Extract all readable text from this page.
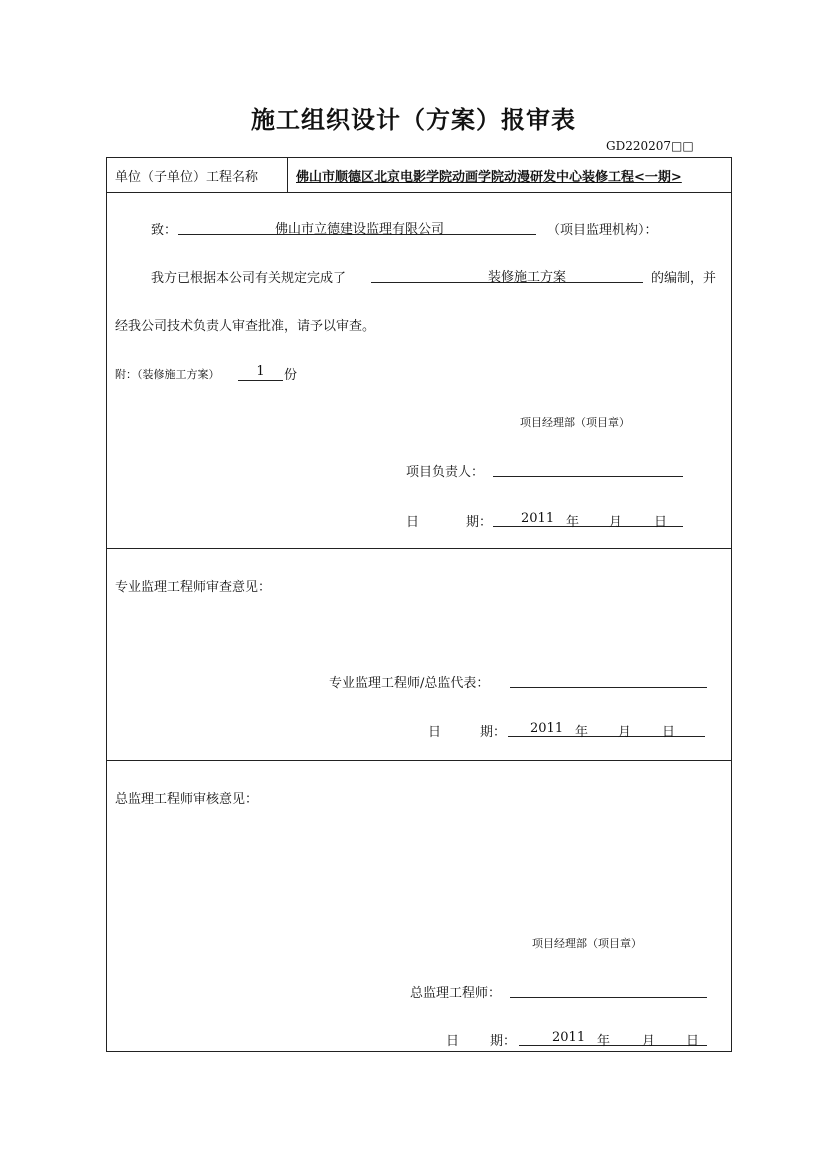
施工组织设计（方案）报审表
GD220207□□
单位（子单位）工程名称	佛山市顺德区北京电影学院动画学院动漫研发中心装修工程<一期>
致：	佛山市立德建设监理有限公司	（项目监理机构）：
我方已根据本公司有关规定完成了	装修施工方案	的编制，并
经我公司技术负责人审查批准，请予以审查。
附：（装修施工方案）	1	份
项目经理部（项目章）
项目负责人：
日	期： 2011 年 月 日
专业监理工程师审查意见：
专业监理工程师/总监代表：
日	期： 2011 年 月 日
总监理工程师审核意见：
项目经理部（项目章）
总监理工程师：
日 期：	2011 年 月 日
